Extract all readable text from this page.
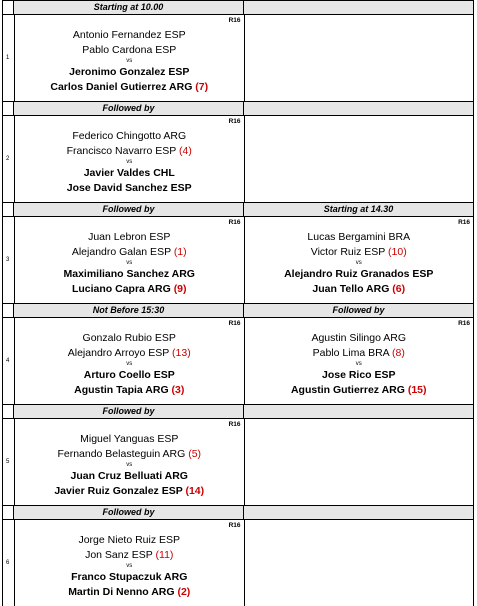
Starting at 10.00
1
R16
Antonio Fernandez ESP
Pablo Cardona ESP
vs
Jeronimo Gonzalez ESP
Carlos Daniel Gutierrez ARG (7)
Followed by
2
R16
Federico Chingotto ARG
Francisco Navarro ESP (4)
vs
Javier Valdes CHL
Jose David Sanchez ESP
Followed by	Starting at 14.30
3
R16
Juan Lebron ESP
Alejandro Galan ESP (1)
vs
Maximiliano Sanchez ARG
Luciano Capra ARG (9)
R16
Lucas Bergamini BRA
Victor Ruiz ESP (10)
vs
Alejandro Ruiz Granados ESP
Juan Tello ARG (6)
Not Before 15:30	Followed by
4
R16
Gonzalo Rubio ESP
Alejandro Arroyo ESP (13)
vs
Arturo Coello ESP
Agustin Tapia ARG (3)
R16
Agustin Silingo ARG
Pablo Lima BRA (8)
vs
Jose Rico ESP
Agustin Gutierrez ARG (15)
Followed by
5
R16
Miguel Yanguas ESP
Fernando Belasteguin ARG (5)
vs
Juan Cruz Belluati ARG
Javier Ruiz Gonzalez ESP (14)
Followed by
6
R16
Jorge Nieto Ruiz ESP
Jon Sanz ESP (11)
vs
Franco Stupaczuk ARG
Martin Di Nenno ARG (2)
